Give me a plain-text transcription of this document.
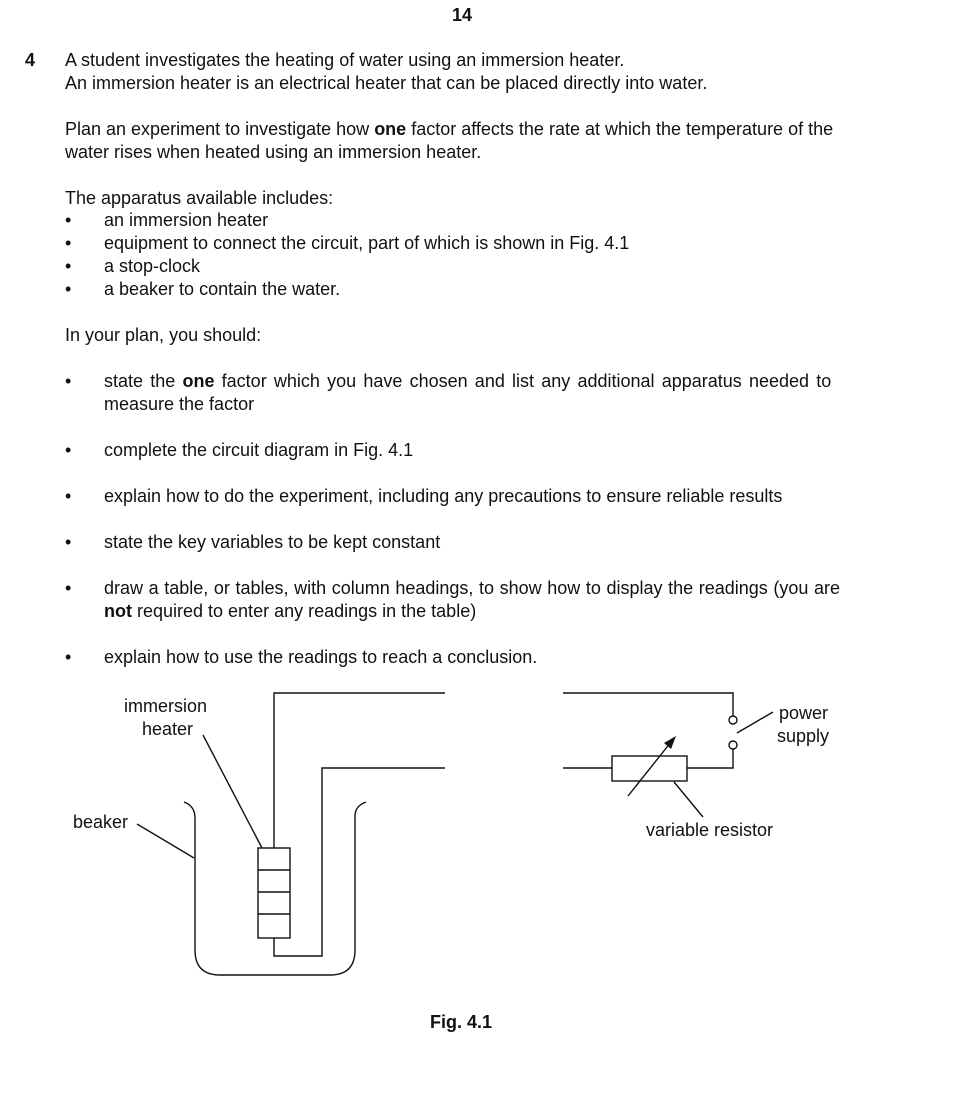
14
4 A student investigates the heating of water using an immersion heater.
An immersion heater is an electrical heater that can be placed directly into water.
Plan an experiment to investigate how one factor affects the rate at which the temperature of the
water rises when heated using an immersion heater.
The apparatus available includes:
• an immersion heater
• equipment to connect the circuit, part of which is shown in Fig. 4.1
• a stop-clock
• a beaker to contain the water.
In your plan, you should:
• state the one factor which you have chosen and list any additional apparatus needed to
measure the factor
• complete the circuit diagram in Fig. 4.1
• explain how to do the experiment, including any precautions to ensure reliable results
• state the key variables to be kept constant
• draw a table, or tables, with column headings, to show how to display the readings (you are
not required to enter any readings in the table)
• explain how to use the readings to reach a conclusion.
immersion
heater
beaker
power
supply
variable resistor
Fig. 4.1
